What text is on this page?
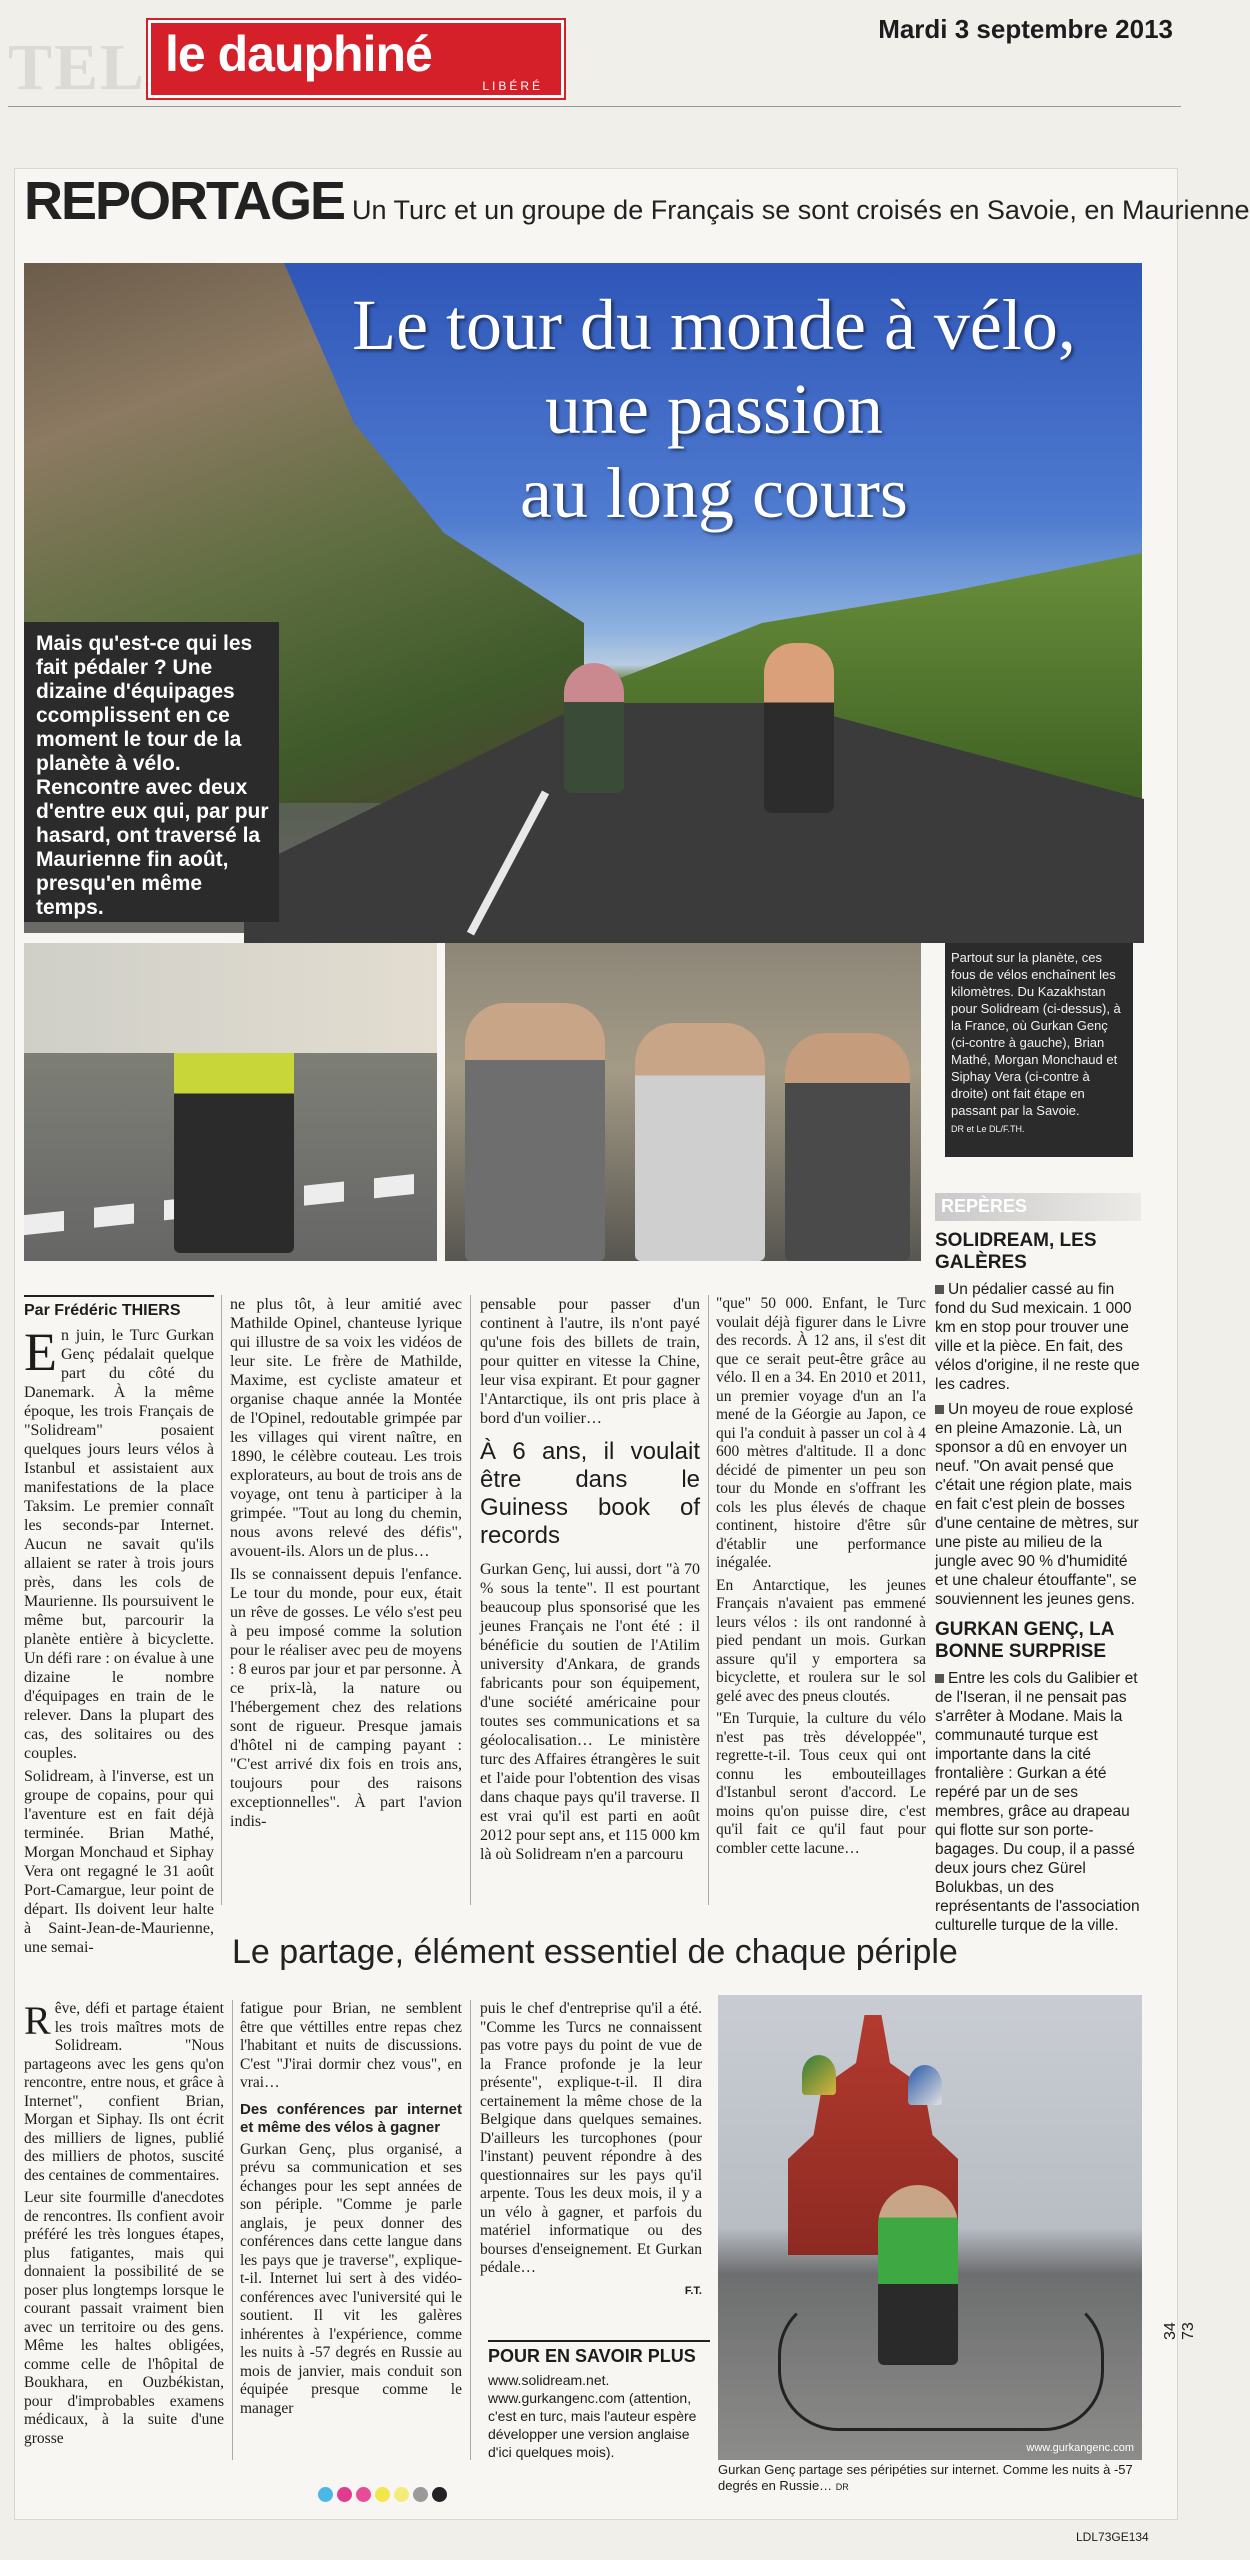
TEL le dauphiné
LIBÉRÉ
Mardi 3 septembre 2013
REPORTAGE Un Turc et un groupe de Français se sont croisés en Savoie, en Maurienne
Le tour du monde à vélo,
une passion
au long cours
Mais qu'est-ce qui les fait pédaler ? Une dizaine d'équipages ccomplissent en ce moment le tour de la planète à vélo. Rencontre avec deux d'entre eux qui, par pur hasard, ont traversé la Maurienne fin août, presqu'en même temps.
Partout sur la planète, ces fous de vélos enchaînent les kilomètres. Du Kazakhstan pour Solidream (ci-dessus), à la France, où Gurkan Genç (ci-contre à gauche), Brian Mathé, Morgan Monchaud et Siphay Vera (ci-contre à droite) ont fait étape en passant par la Savoie.
DR et Le DL/F.TH.
REPÈRES
SOLIDREAM, LES GALÈRES

Un pédalier cassé au fin fond du Sud mexicain. 1 000 km en stop pour trouver une ville et la pièce. En fait, des vélos d'origine, il ne reste que les cadres.

Un moyeu de roue explosé en pleine Amazonie. Là, un sponsor a dû en envoyer un neuf. "On avait pensé que c'était une région plate, mais en fait c'est plein de bosses d'une centaine de mètres, sur une piste au milieu de la jungle avec 90 % d'humidité et une chaleur étouffante", se souviennent les jeunes gens.

GURKAN GENÇ, LA BONNE SURPRISE

Entre les cols du Galibier et de l'Iseran, il ne pensait pas s'arrêter à Modane. Mais la communauté turque est importante dans la cité frontalière : Gurkan a été repéré par un de ses membres, grâce au drapeau qui flotte sur son porte-bagages. Du coup, il a passé deux jours chez Gürel Bolukbas, un des représentants de l'association culturelle turque de la ville.

Par Frédéric THIERS

En juin, le Turc Gurkan Genç pédalait quelque part du côté du Danemark. À la même époque, les trois Français de "Solidream" posaient quelques jours leurs vélos à Istanbul et assistaient aux manifestations de la place Taksim. Le premier connaît les seconds-par Internet. Aucun ne savait qu'ils allaient se rater à trois jours près, dans les cols de Maurienne. Ils poursuivent le même but, parcourir la planète entière à bicyclette. Un défi rare : on évalue à une dizaine le nombre d'équipages en train de le relever. Dans la plupart des cas, des solitaires ou des couples.

Solidream, à l'inverse, est un groupe de copains, pour qui l'aventure est en fait déjà terminée. Brian Mathé, Morgan Monchaud et Siphay Vera ont regagné le 31 août Port-Camargue, leur point de départ. Ils doivent leur halte à Saint-Jean-de-Maurienne, une semai-

ne plus tôt, à leur amitié avec Mathilde Opinel, chanteuse lyrique qui illustre de sa voix les vidéos de leur site. Le frère de Mathilde, Maxime, est cycliste amateur et organise chaque année la Montée de l'Opinel, redoutable grimpée par les villages qui virent naître, en 1890, le célèbre couteau. Les trois explorateurs, au bout de trois ans de voyage, ont tenu à participer à la grimpée. "Tout au long du chemin, nous avons relevé des défis", avouent-ils. Alors un de plus…

Ils se connaissent depuis l'enfance. Le tour du monde, pour eux, était un rêve de gosses. Le vélo s'est peu à peu imposé comme la solution pour le réaliser avec peu de moyens : 8 euros par jour et par personne. À ce prix-là, la nature ou l'hébergement chez des relations sont de rigueur. Presque jamais d'hôtel ni de camping payant : "C'est arrivé dix fois en trois ans, toujours pour des raisons exceptionnelles". À part l'avion indis-

pensable pour passer d'un continent à l'autre, ils n'ont payé qu'une fois des billets de train, pour quitter en vitesse la Chine, leur visa expirant. Et pour gagner l'Antarctique, ils ont pris place à bord d'un voilier…

À 6 ans, il voulait être dans le Guiness book of records

Gurkan Genç, lui aussi, dort "à 70 % sous la tente". Il est pourtant beaucoup plus sponsorisé que les jeunes Français ne l'ont été : il bénéficie du soutien de l'Atilim university d'Ankara, de grands fabricants pour son équipement, d'une société américaine pour toutes ses communications et sa géolocalisation… Le ministère turc des Affaires étrangères le suit et l'aide pour l'obtention des visas dans chaque pays qu'il traverse. Il est vrai qu'il est parti en août 2012 pour sept ans, et 115 000 km là où Solidream n'en a parcouru

"que" 50 000. Enfant, le Turc voulait déjà figurer dans le Livre des records. À 12 ans, il s'est dit que ce serait peut-être grâce au vélo. Il en a 34. En 2010 et 2011, un premier voyage d'un an l'a mené de la Géorgie au Japon, ce qui l'a conduit à passer un col à 4 600 mètres d'altitude. Il a donc décidé de pimenter un peu son tour du Monde en s'offrant les cols les plus élevés de chaque continent, histoire d'être sûr d'établir une performance inégalée.

En Antarctique, les jeunes Français n'avaient pas emmené leurs vélos : ils ont randonné à pied pendant un mois. Gurkan assure qu'il y emportera sa bicyclette, et roulera sur le sol gelé avec des pneus cloutés.

"En Turquie, la culture du vélo n'est pas très développée", regrette-t-il. Tous ceux qui ont connu les embouteillages d'Istanbul seront d'accord. Le moins qu'on puisse dire, c'est qu'il fait ce qu'il faut pour combler cette lacune…

Le partage, élément essentiel de chaque périple

Rêve, défi et partage étaient les trois maîtres mots de Solidream. "Nous partageons avec les gens qu'on rencontre, entre nous, et grâce à Internet", confient Brian, Morgan et Siphay. Ils ont écrit des milliers de lignes, publié des milliers de photos, suscité des centaines de commentaires.

Leur site fourmille d'anecdotes de rencontres. Ils confient avoir préféré les très longues étapes, plus fatigantes, mais qui donnaient la possibilité de se poser plus longtemps lorsque le courant passait vraiment bien avec un territoire ou des gens. Même les haltes obligées, comme celle de l'hôpital de Boukhara, en Ouzbékistan, pour d'improbables examens médicaux, à la suite d'une grosse

fatigue pour Brian, ne semblent être que véttilles entre repas chez l'habitant et nuits de discussions. C'est "J'irai dormir chez vous", en vrai…

Des conférences par internet et même des vélos à gagner

Gurkan Genç, plus organisé, a prévu sa communication et ses échanges pour les sept années de son périple. "Comme je parle anglais, je peux donner des conférences dans cette langue dans les pays que je traverse", explique-t-il. Internet lui sert à des vidéo-conférences avec l'université qui le soutient. Il vit les galères inhérentes à l'expérience, comme les nuits à -57 degrés en Russie au mois de janvier, mais conduit son équipée presque comme le manager

puis le chef d'entreprise qu'il a été. "Comme les Turcs ne connaissent pas votre pays du point de vue de la France profonde je la leur présente", explique-t-il. Il dira certainement la même chose de la Belgique dans quelques semaines. D'ailleurs les turcophones (pour l'instant) peuvent répondre à des questionnaires sur les pays qu'il arpente. Tous les deux mois, il y a un vélo à gagner, et parfois du matériel informatique ou des bourses d'enseignement. Et Gurkan pédale…

F.T.

POUR EN SAVOIR PLUS
www.solidream.net. www.gurkangenc.com (attention, c'est en turc, mais l'auteur espère développer une version anglaise d'ici quelques mois).	www.gurkangenc.com
Gurkan Genç partage ses péripéties sur internet. Comme les nuits à -57 degrés en Russie… DR
LDL73GE134
34 73
